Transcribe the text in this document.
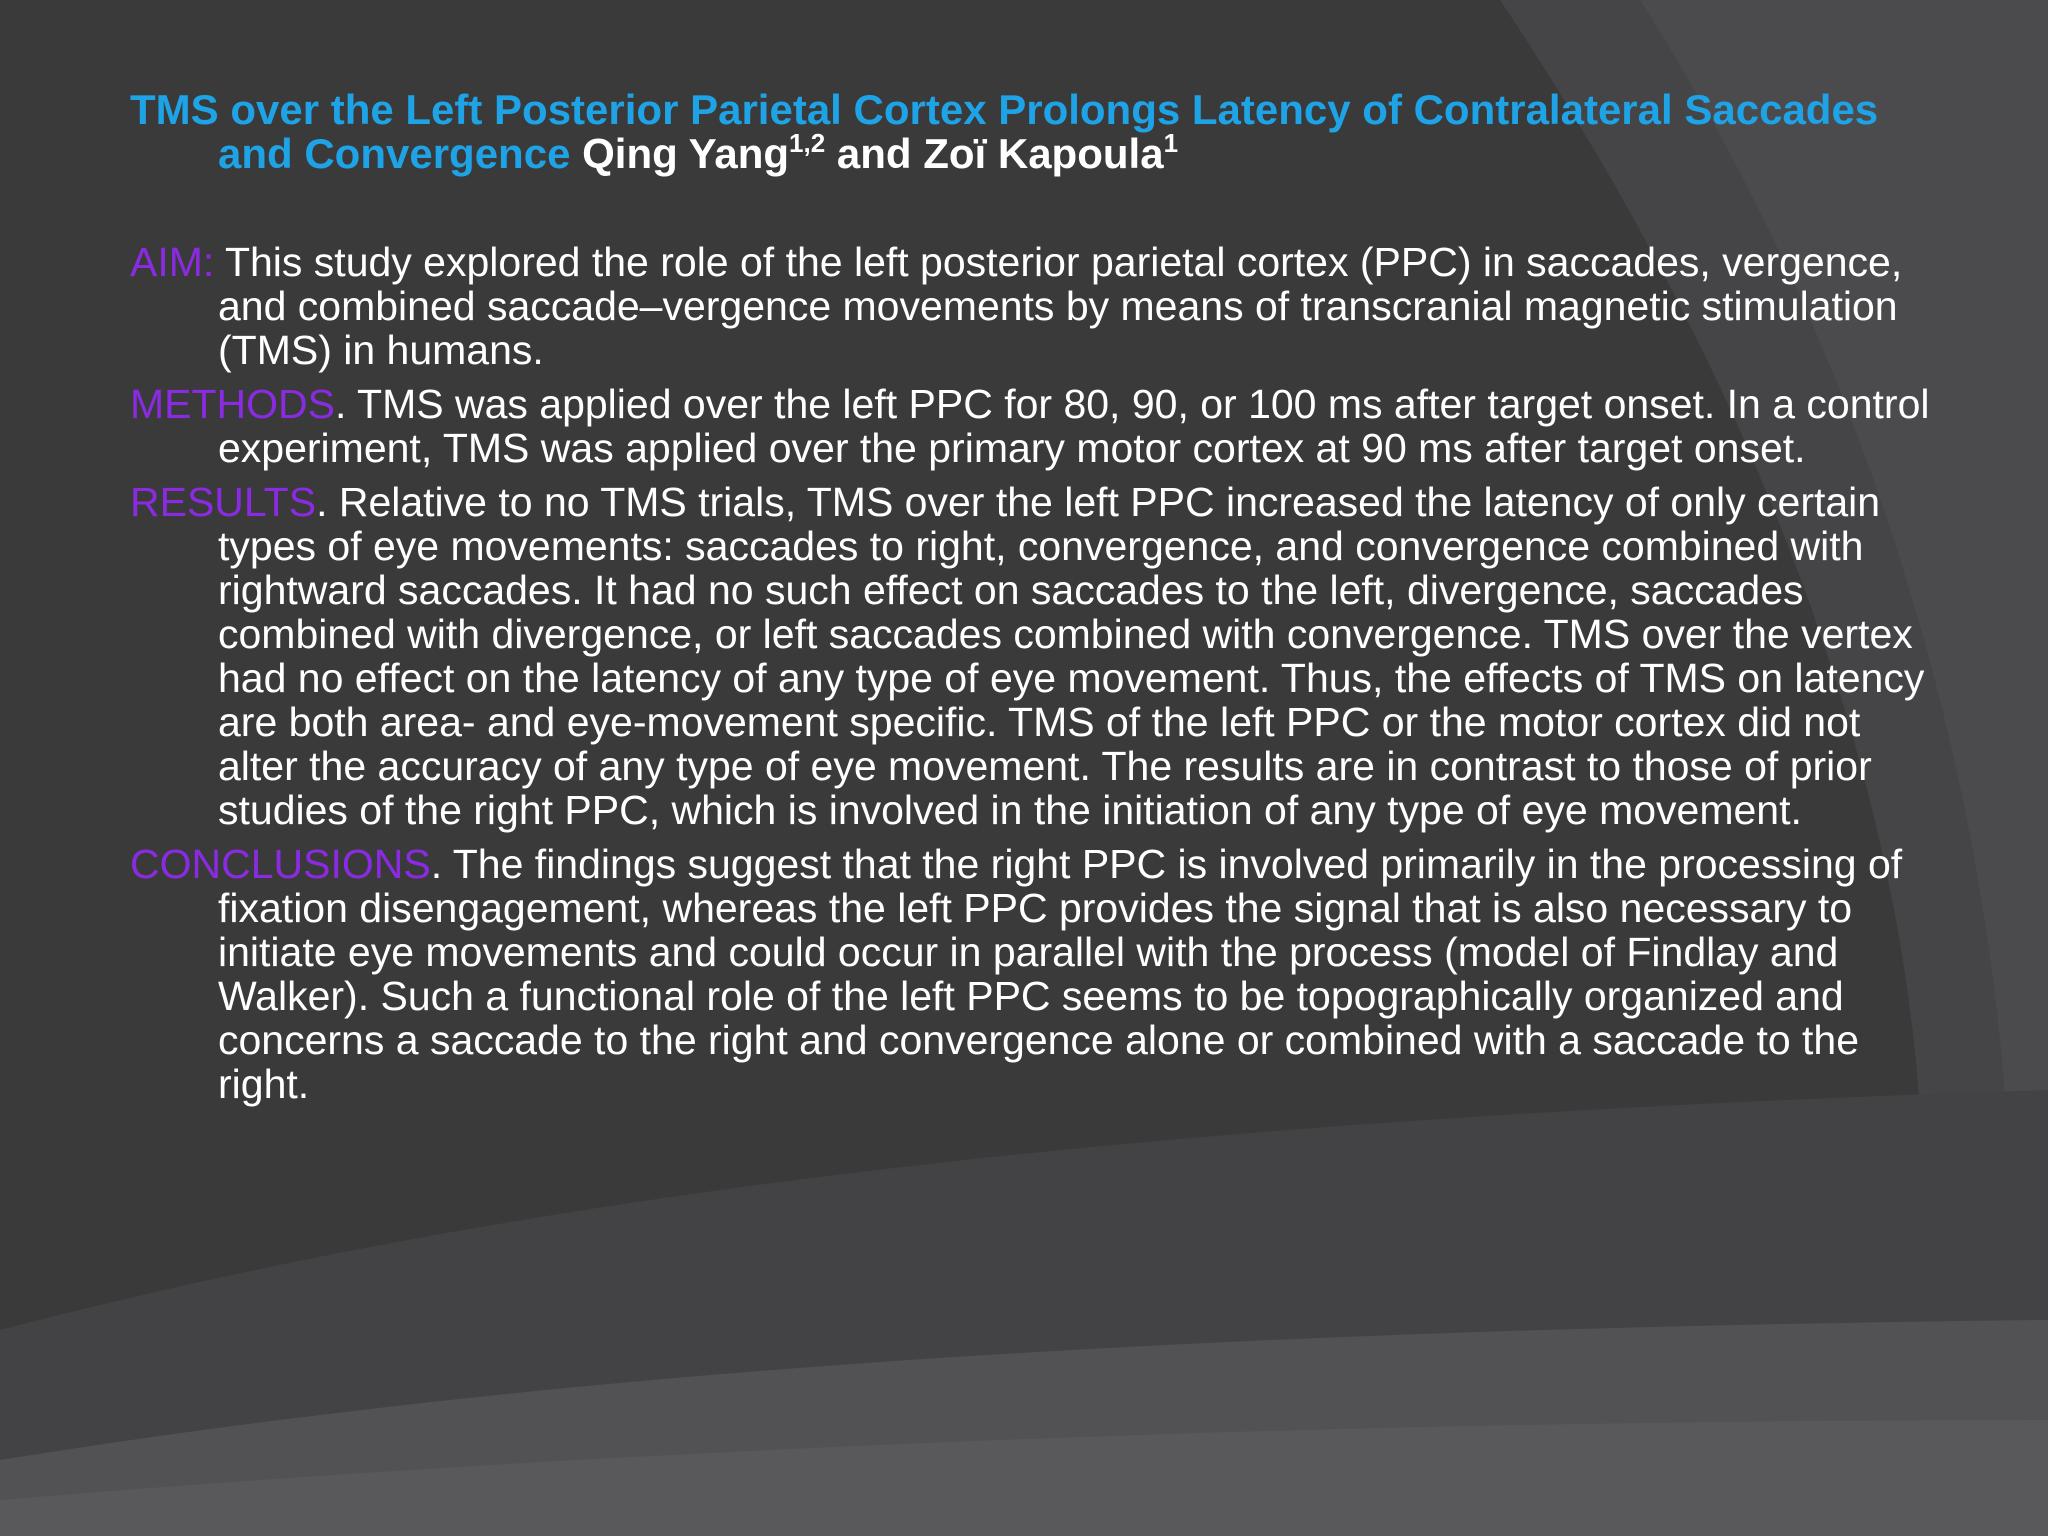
TMS over the Left Posterior Parietal Cortex Prolongs Latency of Contralateral Saccades and Convergence Qing Yang$^{1,2}$ and Zoï Kapoula$^1$

AIM: This study explored the role of the left posterior parietal cortex (PPC) in saccades, vergence, and combined saccade–vergence movements by means of transcranial magnetic stimulation (TMS) in humans.

METHODS. TMS was applied over the left PPC for 80, 90, or 100 ms after target onset. In a control experiment, TMS was applied over the primary motor cortex at 90 ms after target onset.

RESULTS. Relative to no TMS trials, TMS over the left PPC increased the latency of only certain types of eye movements: saccades to right, convergence, and convergence combined with rightward saccades. It had no such effect on saccades to the left, divergence, saccades combined with divergence, or left saccades combined with convergence. TMS over the vertex had no effect on the latency of any type of eye movement. Thus, the effects of TMS on latency are both area- and eye-movement specific. TMS of the left PPC or the motor cortex did not alter the accuracy of any type of eye movement. The results are in contrast to those of prior studies of the right PPC, which is involved in the initiation of any type of eye movement.

CONCLUSIONS. The findings suggest that the right PPC is involved primarily in the processing of fixation disengagement, whereas the left PPC provides the signal that is also necessary to initiate eye movements and could occur in parallel with the process (model of Findlay and Walker). Such a functional role of the left PPC seems to be topographically organized and concerns a saccade to the right and convergence alone or combined with a saccade to the right.
